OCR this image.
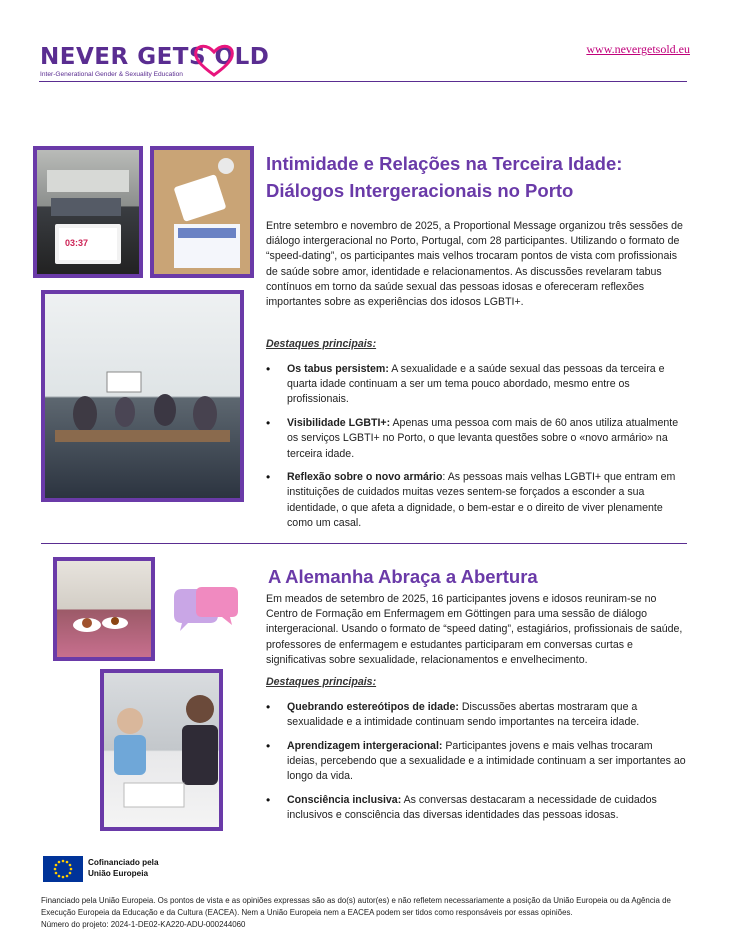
NEVER GETS OLD
Inter-Generational Gender & Sexuality Education
www.nevergetsold.eu
03:37
Intimidade e Relações na Terceira Idade:
Diálogos Intergeracionais no Porto

Entre setembro e novembro de 2025, a Proportional Message organizou três sessões de diálogo intergeracional no Porto, Portugal, com 28 participantes. Utilizando o formato de “speed-dating”, os participantes mais velhos trocaram pontos de vista com profissionais de saúde sobre amor, identidade e relacionamentos. As discussões revelaram tabus contínuos em torno da saúde sexual das pessoas idosas e ofereceram reflexões importantes sobre as experiências dos idosos LGBTI+.

Destaques principais:
• Os tabus persistem: A sexualidade e a saúde sexual das pessoas da terceira e quarta idade continuam a ser um tema pouco abordado, mesmo entre os profissionais.
• Visibilidade LGBTI+: Apenas uma pessoa com mais de 60 anos utiliza atualmente os serviços LGBTI+ no Porto, o que levanta questões sobre o «novo armário» na terceira idade.
• Reflexão sobre o novo armário: As pessoas mais velhas LGBTI+ que entram em instituições de cuidados muitas vezes sentem-se forçados a esconder a sua identidade, o que afeta a dignidade, o bem-estar e o direito de viver plenamente como um casal.
A Alemanha Abraça a Abertura

Em meados de setembro de 2025, 16 participantes jovens e idosos reuniram-se no Centro de Formação em Enfermagem em Göttingen para uma sessão de diálogo intergeracional. Usando o formato de “speed dating”, estagiários, profissionais de saúde, professores de enfermagem e estudantes participaram em conversas curtas e significativas sobre sexualidade, relacionamentos e envelhecimento.

Destaques principais:
• Quebrando estereótipos de idade: Discussões abertas mostraram que a sexualidade e a intimidade continuam sendo importantes na terceira idade.
• Aprendizagem intergeracional: Participantes jovens e mais velhas trocaram ideias, percebendo que a sexualidade e a intimidade continuam a ser importantes ao longo da vida.
• Consciência inclusiva: As conversas destacaram a necessidade de cuidados inclusivos e consciência das diversas identidades das pessoas idosas.
Cofinanciado pela
União Europeia
Financiado pela União Europeia. Os pontos de vista e as opiniões expressas são as do(s) autor(es) e não refletem necessariamente a posição da União Europeia ou da Agência de Execução Europeia da Educação e da Cultura (EACEA). Nem a União Europeia nem a EACEA podem ser tidos como responsáveis por essas opiniões.
Número do projeto: 2024-1-DE02-KA220-ADU-000244060
